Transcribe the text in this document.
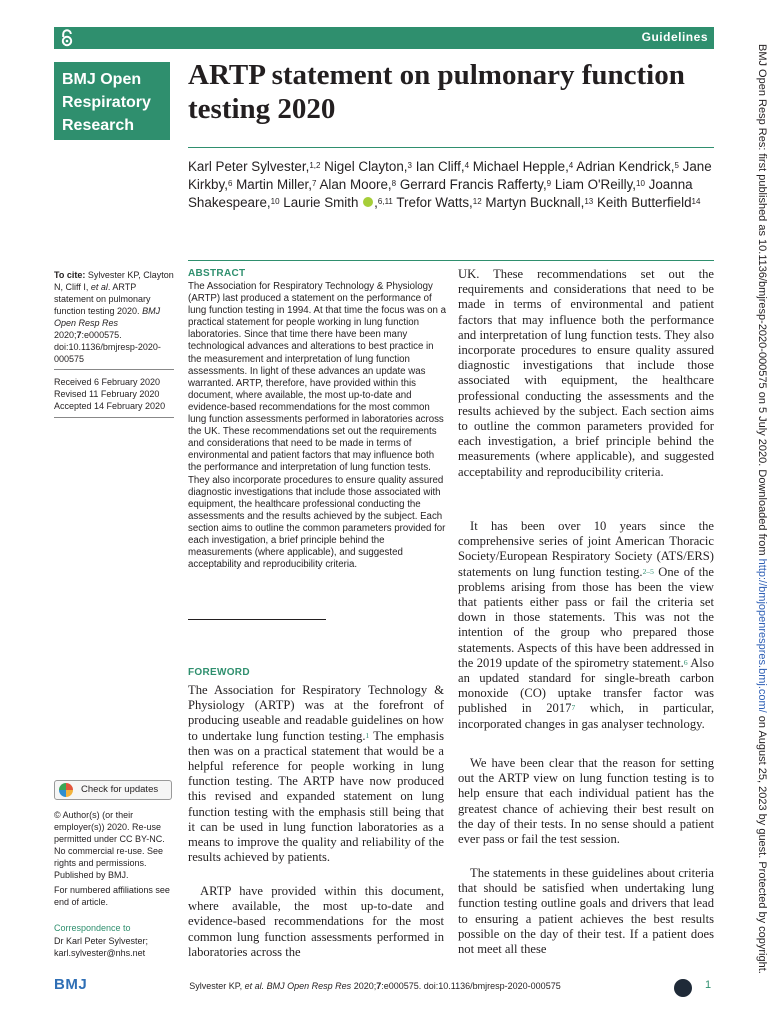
Guidelines
BMJ Open
Respiratory
Research
ARTP statement on pulmonary function testing 2020
Karl Peter Sylvester,$^{1,2}$ Nigel Clayton,$^3$ Ian Cliff,$^4$ Michael Hepple,$^4$ Adrian Kendrick,$^5$ Jane Kirkby,$^6$ Martin Miller,$^7$ Alan Moore,$^8$ Gerrard Francis Rafferty,$^9$ Liam O'Reilly,$^{10}$ Joanna Shakespeare,$^{10}$ Laurie Smith ,$^{6,11}$ Trefor Watts,$^{12}$ Martyn Bucknall,$^{13}$ Keith Butterfield$^{14}$
To cite: Sylvester KP, Clayton N, Cliff I, et al. ARTP statement on pulmonary function testing 2020. BMJ Open Resp Res 2020;7:e000575. doi:10.1136/bmjresp-2020-000575
Received 6 February 2020
Revised 11 February 2020
Accepted 14 February 2020
Check for updates
© Author(s) (or their employer(s)) 2020. Re-use permitted under CC BY-NC. No commercial re-use. See rights and permissions. Published by BMJ.
For numbered affiliations see end of article.
Correspondence to
Dr Karl Peter Sylvester;
karl.sylvester@nhs.net
ABSTRACT
The Association for Respiratory Technology & Physiology (ARTP) last produced a statement on the performance of lung function testing in 1994. At that time the focus was on a practical statement for people working in lung function laboratories. Since that time there have been many technological advances and alterations to best practice in the measurement and interpretation of lung function assessments. In light of these advances an update was warranted. ARTP, therefore, have provided within this document, where available, the most up-to-date and evidence-based recommendations for the most common lung function assessments performed in laboratories across the UK. These recommendations set out the requirements and considerations that need to be made in terms of environmental and patient factors that may influence both the performance and interpretation of lung function tests. They also incorporate procedures to ensure quality assured diagnostic investigations that include those associated with equipment, the healthcare professional conducting the assessments and the results achieved by the subject. Each section aims to outline the common parameters provided for each investigation, a brief principle behind the measurements (where applicable), and suggested acceptability and reproducibility criteria.
FOREWORD
The Association for Respiratory Technology & Physiology (ARTP) was at the forefront of producing useable and readable guidelines on how to undertake lung function testing.$^1$ The emphasis then was on a practical statement that would be a helpful reference for people working in lung function testing. The ARTP have now produced this revised and expanded statement on lung function testing with the emphasis still being that it can be used in lung function laboratories as a means to improve the quality and reliability of the results achieved by patients.
ARTP have provided within this document, where available, the most up-to-date and evidence-based recommendations for the most common lung function assessments performed in laboratories across the
UK. These recommendations set out the requirements and considerations that need to be made in terms of environmental and patient factors that may influence both the performance and interpretation of lung function tests. They also incorporate procedures to ensure quality assured diagnostic investigations that include those associated with equipment, the healthcare professional conducting the assessments and the results achieved by the subject. Each section aims to outline the common parameters provided for each investigation, a brief principle behind the measurements (where applicable), and suggested acceptability and reproducibility criteria.
It has been over 10 years since the comprehensive series of joint American Thoracic Society/European Respiratory Society (ATS/ERS) statements on lung function testing.$^{2-5}$ One of the problems arising from those has been the view that patients either pass or fail the criteria set down in those statements. This was not the intention of the group who prepared those statements. Aspects of this have been addressed in the 2019 update of the spirometry statement.$^6$ Also an updated standard for single-breath carbon monoxide (CO) uptake transfer factor was published in 2017$^7$ which, in particular, incorporated changes in gas analyser technology.
We have been clear that the reason for setting out the ARTP view on lung function testing is to help ensure that each individual patient has the greatest chance of achieving their best result on the day of their tests. In no sense should a patient ever pass or fail the test session.
The statements in these guidelines about criteria that should be satisfied when undertaking lung function testing outline goals and drivers that lead to ensuring a patient achieves the best results possible on the day of their test. If a patient does not meet all these
BMJ	Sylvester KP, et al. BMJ Open Resp Res 2020;7:e000575. doi:10.1136/bmjresp-2020-000575	1
BMJ Open Resp Res: first published as 10.1136/bmjresp-2020-000575 on 5 July 2020. Downloaded from http://bmjopenrespres.bmj.com/ on August 25, 2023 by guest. Protected by copyright.
